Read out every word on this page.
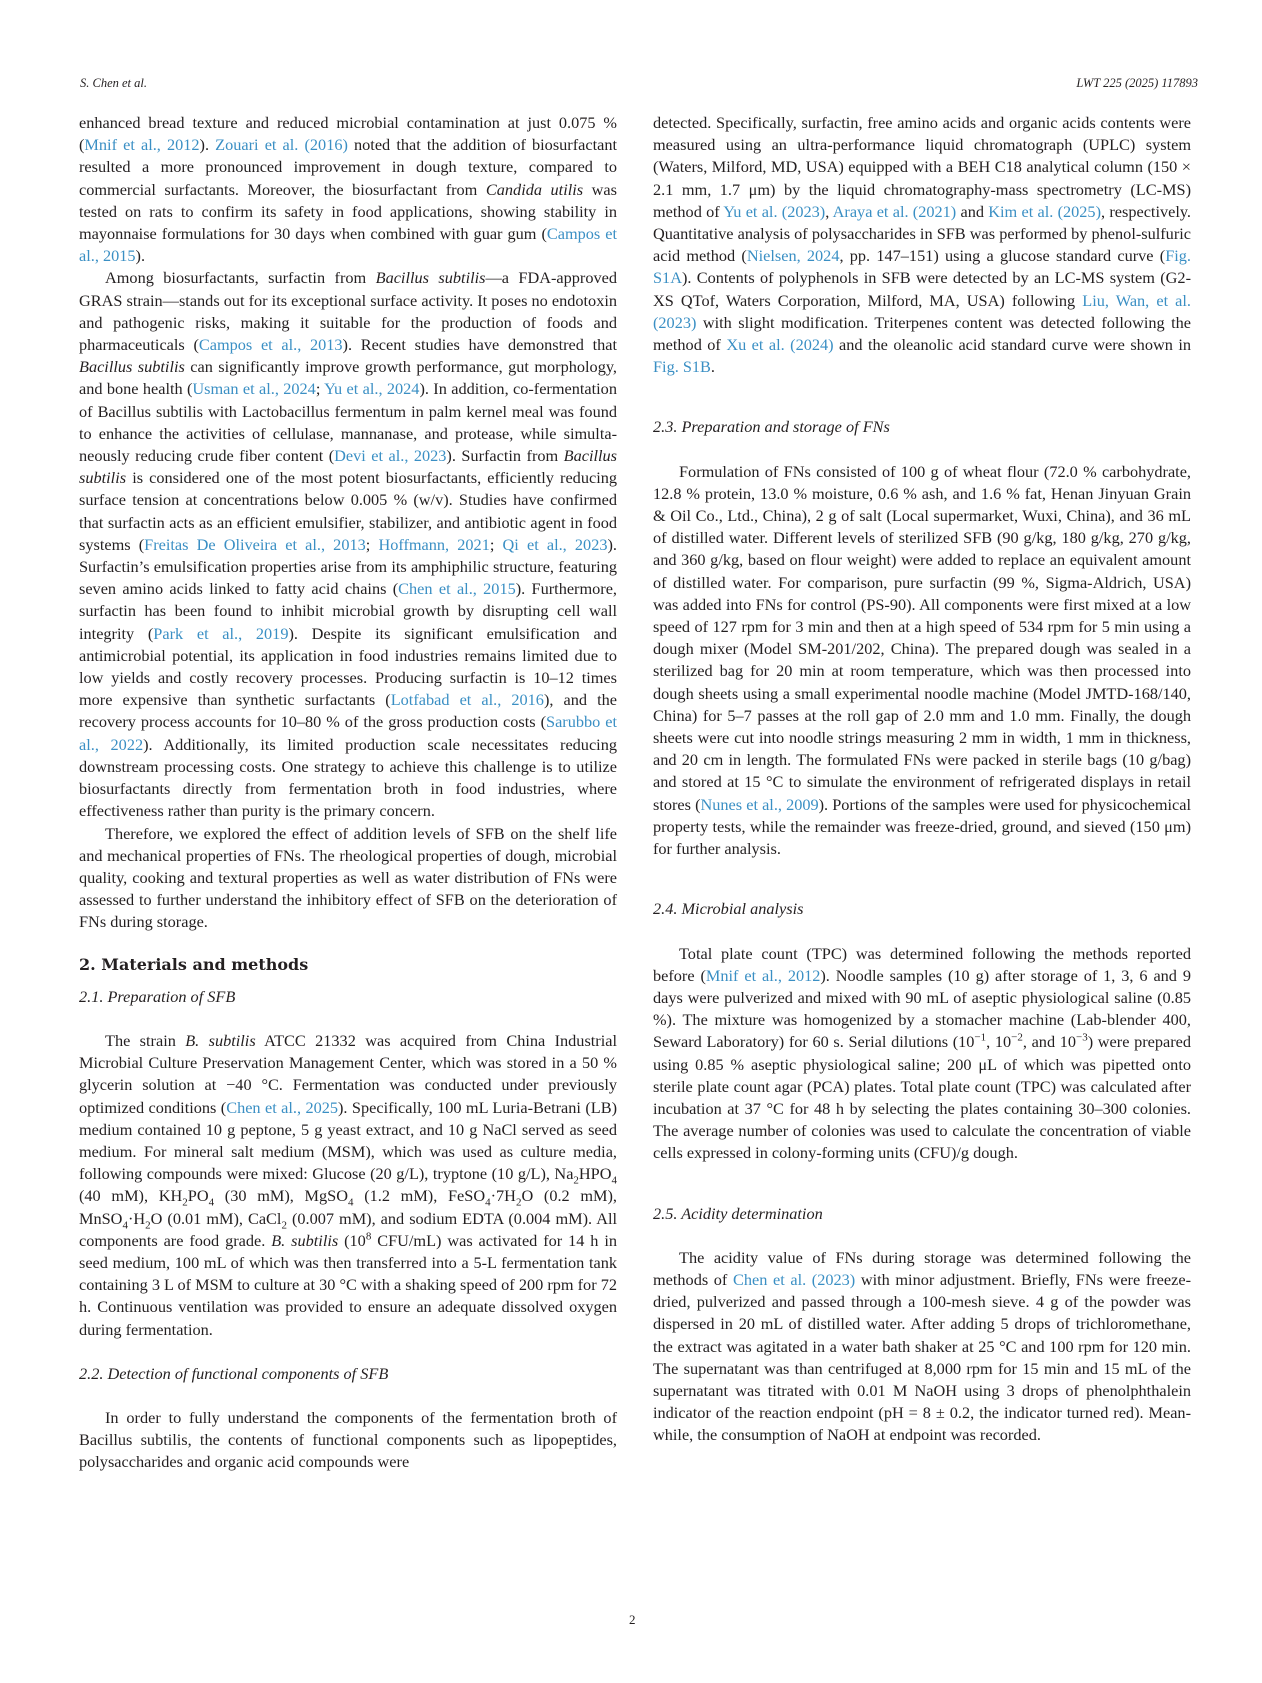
S. Chen et al.	LWT 225 (2025) 117893

enhanced bread texture and reduced microbial contamination at just 0.075 % (Mnif et al., 2012). Zouari et al. (2016) noted that the addition of biosurfactant resulted a more pronounced improvement in dough texture, compared to commercial surfactants. Moreover, the biosurfactant from Candida utilis was tested on rats to confirm its safety in food applications, showing stability in mayonnaise formulations for 30 days when combined with guar gum (Campos et al., 2015).

Among biosurfactants, surfactin from Bacillus subtilis—a FDA-approved GRAS strain—stands out for its exceptional surface activity. It poses no endotoxin and pathogenic risks, making it suitable for the production of foods and pharmaceuticals (Campos et al., 2013). Recent studies have demonstred that Bacillus subtilis can significantly improve growth performance, gut morphology, and bone health (Usman et al., 2024; Yu et al., 2024). In addition, co-fermentation of Bacillus subtilis with Lactobacillus fermentum in palm kernel meal was found to enhance the activities of cellulase, mannanase, and protease, while simultaneously reducing crude fiber content (Devi et al., 2023). Surfactin from Bacillus subtilis is considered one of the most potent biosurfactants, efficiently reducing surface tension at concentrations below 0.005 % (w/v). Studies have confirmed that surfactin acts as an efficient emulsifier, stabilizer, and antibiotic agent in food systems (Freitas De Oliveira et al., 2013; Hoffmann, 2021; Qi et al., 2023). Surfactin’s emulsification properties arise from its amphiphilic structure, featuring seven amino acids linked to fatty acid chains (Chen et al., 2015). Furthermore, surfactin has been found to inhibit microbial growth by disrupting cell wall integrity (Park et al., 2019). Despite its significant emulsification and antimicrobial potential, its application in food industries remains limited due to low yields and costly recovery processes. Producing surfactin is 10–12 times more expensive than synthetic surfactants (Lotfabad et al., 2016), and the recovery process accounts for 10–80 % of the gross production costs (Sarubbo et al., 2022). Additionally, its limited production scale necessitates reducing downstream processing costs. One strategy to achieve this challenge is to utilize biosurfactants directly from fermentation broth in food industries, where effectiveness rather than purity is the primary concern.

Therefore, we explored the effect of addition levels of SFB on the shelf life and mechanical properties of FNs. The rheological properties of dough, microbial quality, cooking and textural properties as well as water distribution of FNs were assessed to further understand the inhibitory effect of SFB on the deterioration of FNs during storage.

2. Materials and methods
2.1. Preparation of SFB

The strain B. subtilis ATCC 21332 was acquired from China Industrial Microbial Culture Preservation Management Center, which was stored in a 50 % glycerin solution at −40 °C. Fermentation was conducted under previously optimized conditions (Chen et al., 2025). Specifically, 100 mL Luria-Betrani (LB) medium contained 10 g peptone, 5 g yeast extract, and 10 g NaCl served as seed medium. For mineral salt medium (MSM), which was used as culture media, following compounds were mixed: Glucose (20 g/L), tryptone (10 g/L), $Na_2HPO_4$ (40 mM), $KH_2PO_4$ (30 mM), MgSO$_4$ (1.2 mM), $FeSO_4\cdot 7H_2O$ (0.2 mM), $MnSO_4\cdot H_2O$ (0.01 mM), CaCl$_2$ (0.007 mM), and sodium EDTA (0.004 mM). All components are food grade. B. subtilis ($10^8$ CFU/mL) was activated for 14 h in seed medium, 100 mL of which was then transferred into a 5-L fermentation tank containing 3 L of MSM to culture at 30 °C with a shaking speed of 200 rpm for 72 h. Continuous ventilation was provided to ensure an adequate dissolved oxygen during fermentation.

2.2. Detection of functional components of SFB

In order to fully understand the components of the fermentation broth of Bacillus subtilis, the contents of functional components such as lipopeptides, polysaccharides and organic acid compounds were

detected. Specifically, surfactin, free amino acids and organic acids contents were measured using an ultra-performance liquid chromatograph (UPLC) system (Waters, Milford, MD, USA) equipped with a BEH C18 analytical column (150 × 2.1 mm, 1.7 μm) by the liquid chromatography-mass spectrometry (LC-MS) method of Yu et al. (2023), Araya et al. (2021) and Kim et al. (2025), respectively. Quantitative analysis of polysaccharides in SFB was performed by phenol-sulfuric acid method (Nielsen, 2024, pp. 147–151) using a glucose standard curve (Fig. S1A). Contents of polyphenols in SFB were detected by an LC-MS system (G2-XS QTof, Waters Corporation, Milford, MA, USA) following Liu, Wan, et al. (2023) with slight modification. Triterpenes content was detected following the method of Xu et al. (2024) and the oleanolic acid standard curve were shown in Fig. S1B.

2.3. Preparation and storage of FNs

Formulation of FNs consisted of 100 g of wheat flour (72.0 % carbohydrate, 12.8 % protein, 13.0 % moisture, 0.6 % ash, and 1.6 % fat, Henan Jinyuan Grain & Oil Co., Ltd., China), 2 g of salt (Local supermarket, Wuxi, China), and 36 mL of distilled water. Different levels of sterilized SFB (90 g/kg, 180 g/kg, 270 g/kg, and 360 g/kg, based on flour weight) were added to replace an equivalent amount of distilled water. For comparison, pure surfactin (99 %, Sigma-Aldrich, USA) was added into FNs for control (PS-90). All components were first mixed at a low speed of 127 rpm for 3 min and then at a high speed of 534 rpm for 5 min using a dough mixer (Model SM-201/202, China). The prepared dough was sealed in a sterilized bag for 20 min at room temperature, which was then processed into dough sheets using a small experimental noodle machine (Model JMTD-168/140, China) for 5–7 passes at the roll gap of 2.0 mm and 1.0 mm. Finally, the dough sheets were cut into noodle strings measuring 2 mm in width, 1 mm in thickness, and 20 cm in length. The formulated FNs were packed in sterile bags (10 g/bag) and stored at 15 °C to simulate the environment of refrigerated displays in retail stores (Nunes et al., 2009). Portions of the samples were used for physicochemical property tests, while the remainder was freeze-dried, ground, and sieved (150 μm) for further analysis.

2.4. Microbial analysis

Total plate count (TPC) was determined following the methods reported before (Mnif et al., 2012). Noodle samples (10 g) after storage of 1, 3, 6 and 9 days were pulverized and mixed with 90 mL of aseptic physiological saline (0.85 %). The mixture was homogenized by a stomacher machine (Lab-blender 400, Seward Laboratory) for 60 s. Serial dilutions ($10^{-1}$, $10^{-2}$, and $10^{-3}$) were prepared using 0.85 % aseptic physiological saline; 200 μL of which was pipetted onto sterile plate count agar (PCA) plates. Total plate count (TPC) was calculated after incubation at 37 °C for 48 h by selecting the plates containing 30–300 colonies. The average number of colonies was used to calculate the concentration of viable cells expressed in colony-forming units (CFU)/g dough.

2.5. Acidity determination

The acidity value of FNs during storage was determined following the methods of Chen et al. (2023) with minor adjustment. Briefly, FNs were freeze-dried, pulverized and passed through a 100-mesh sieve. 4 g of the powder was dispersed in 20 mL of distilled water. After adding 5 drops of trichloromethane, the extract was agitated in a water bath shaker at 25 °C and 100 rpm for 120 min. The supernatant was than centrifuged at 8,000 rpm for 15 min and 15 mL of the supernatant was titrated with 0.01 M NaOH using 3 drops of phenolphthalein indicator of the reaction endpoint (pH = 8 ± 0.2, the indicator turned red). Meanwhile, the consumption of NaOH at endpoint was recorded.

2
